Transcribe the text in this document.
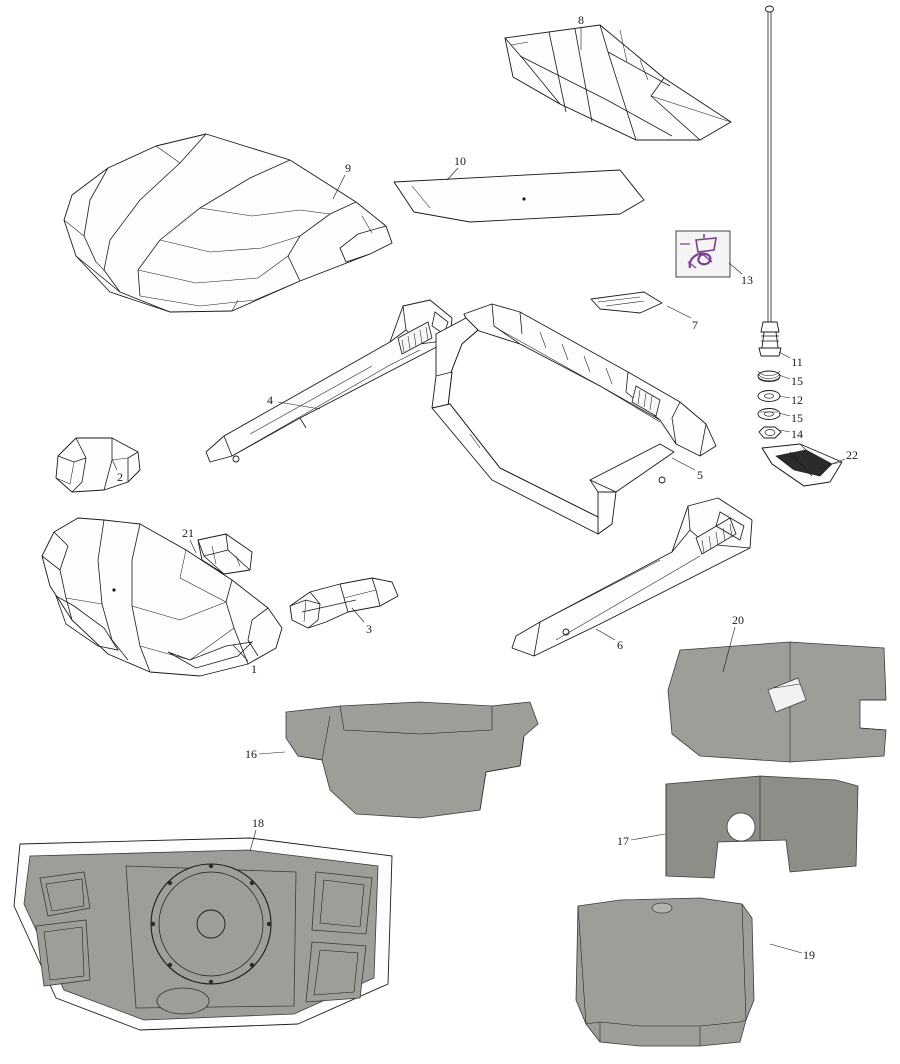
1
2
3
4
5
6
7
8
9	10
11
12
13
14
15
15
16
17
18
19
20
21
22
